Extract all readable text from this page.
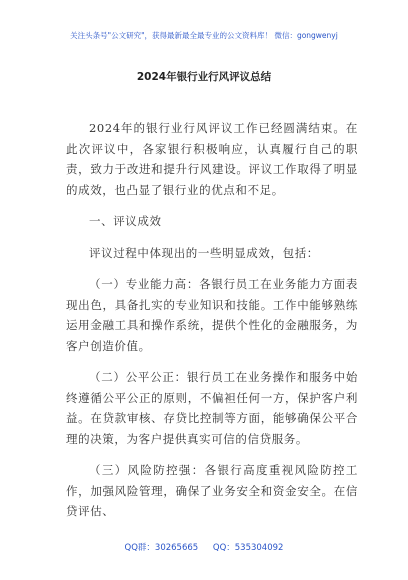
关注头条号"公文研究"，获得最新最全最专业的公文资料库！ 微信：gongwenyj
2024年银行业行风评议总结

2024年的银行业行风评议工作已经圆满结束。在此次评议中，各家银行积极响应，认真履行自己的职责，致力于改进和提升行风建设。评议工作取得了明显的成效，也凸显了银行业的优点和不足。

一、评议成效

评议过程中体现出的一些明显成效，包括：

（一）专业能力高：各银行员工在业务能力方面表现出色，具备扎实的专业知识和技能。工作中能够熟练运用金融工具和操作系统，提供个性化的金融服务，为客户创造价值。

（二）公平公正：银行员工在业务操作和服务中始终遵循公平公正的原则，不偏袒任何一方，保护客户利益。在贷款审核、存贷比控制等方面，能够确保公平合理的决策，为客户提供真实可信的信贷服务。

（三）风险防控强：各银行高度重视风险防控工作，加强风险管理，确保了业务安全和资金安全。在信贷评估、

QQ群：30265665 QQ：535304092
